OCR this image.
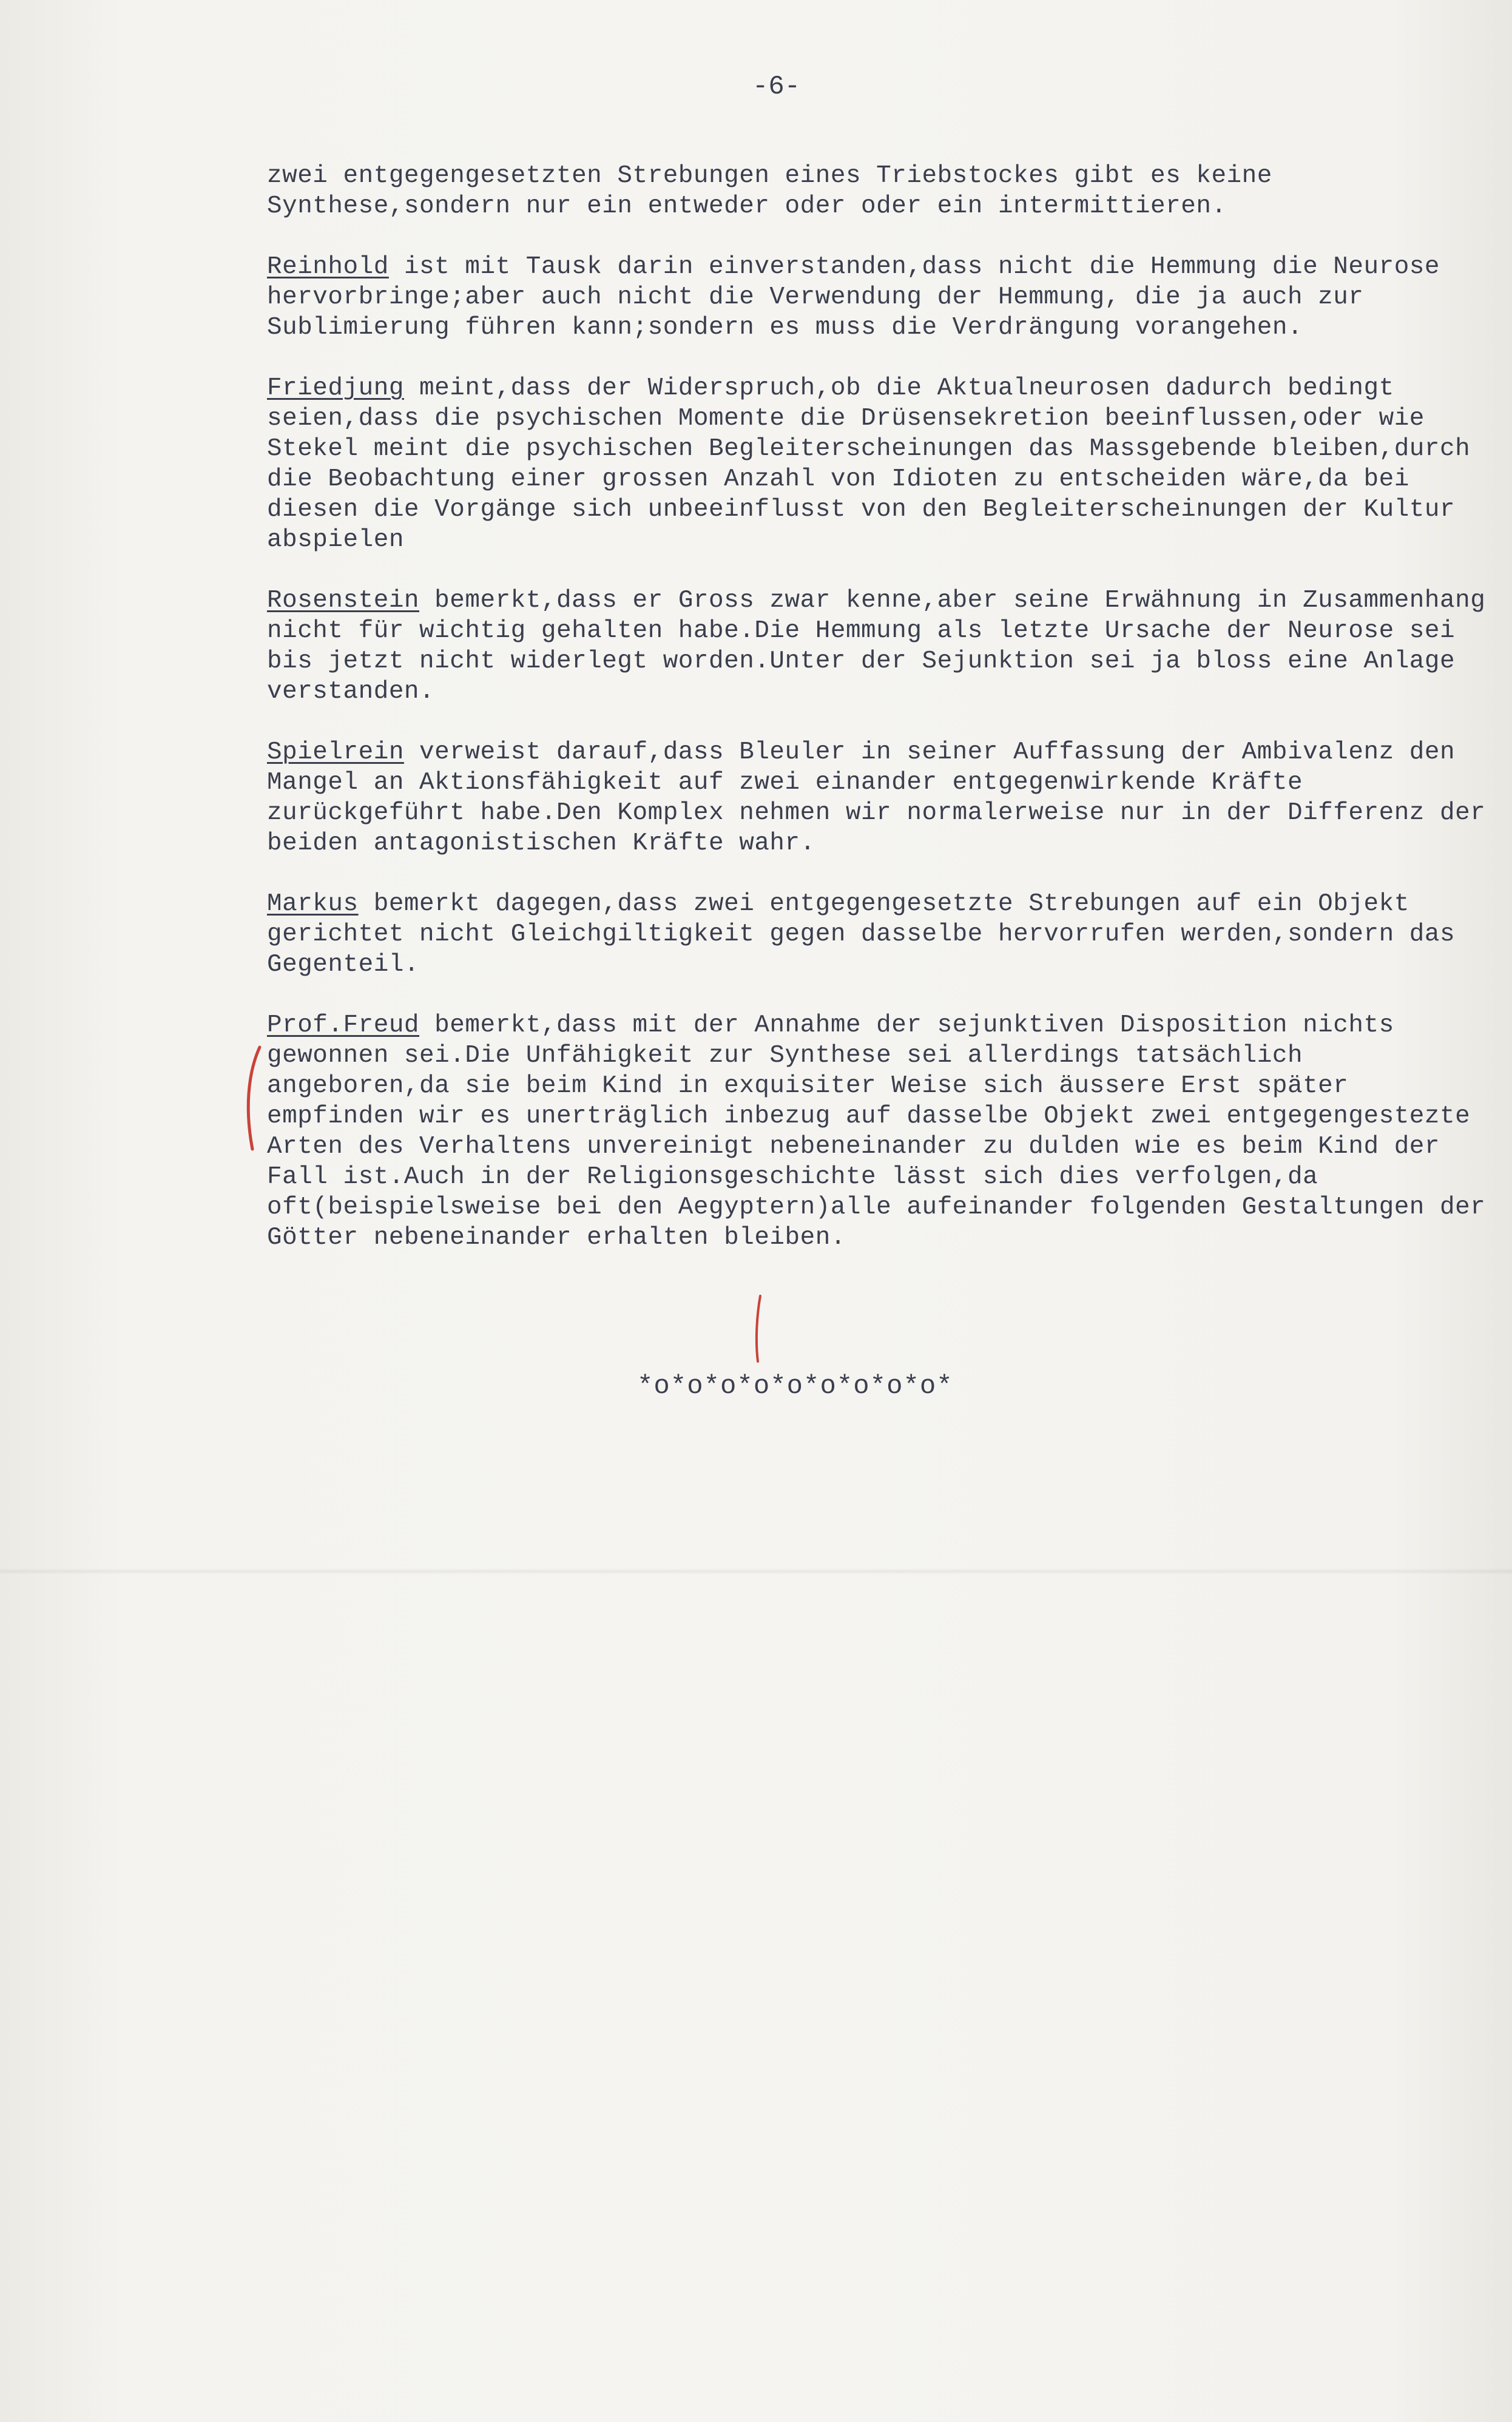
-6-

zwei entgegengesetzten Strebungen eines Triebstockes gibt es keine Synthese,sondern nur ein entweder oder oder ein intermittieren.

Reinhold ist mit Tausk darin einverstanden,dass nicht die Hemmung die Neurose hervorbringe;aber auch nicht die Verwendung der Hemmung, die ja auch zur Sublimierung führen kann;sondern es muss die Verdrängung vorangehen.

Friedjung meint,dass der Widerspruch,ob die Aktualneurosen dadurch bedingt seien,dass die psychischen Momente die Drüsensekretion beeinflussen,oder wie Stekel meint die psychischen Begleiterscheinungen das Massgebende bleiben,durch die Beobachtung einer grossen Anzahl von Idioten zu entscheiden wäre,da bei diesen die Vorgänge sich unbeeinflusst von den Begleiterscheinungen der Kultur abspielen

Rosenstein bemerkt,dass er Gross zwar kenne,aber seine Erwähnung in Zusammenhang nicht für wichtig gehalten habe.Die Hemmung als letzte Ursache der Neurose sei bis jetzt nicht widerlegt worden.Unter der Sejunktion sei ja bloss eine Anlage verstanden.

Spielrein verweist darauf,dass Bleuler in seiner Auffassung der Ambivalenz den Mangel an Aktionsfähigkeit auf zwei einander entgegenwirkende Kräfte zurückgeführt habe.Den Komplex nehmen wir normalerweise nur in der Differenz der beiden antagonistischen Kräfte wahr.

Markus bemerkt dagegen,dass zwei entgegengesetzte Strebungen auf ein Objekt gerichtet nicht Gleichgiltigkeit gegen dasselbe hervorrufen werden,sondern das Gegenteil.

Prof.Freud bemerkt,dass mit der Annahme der sejunktiven Disposition nichts gewonnen sei.Die Unfähigkeit zur Synthese sei allerdings tatsächlich angeboren,da sie beim Kind in exquisiter Weise sich äussere Erst später empfinden wir es unerträglich inbezug auf dasselbe Objekt zwei entgegengestezte Arten des Verhaltens unvereinigt nebeneinander zu dulden wie es beim Kind der Fall ist.Auch in der Religionsgeschichte lässt sich dies verfolgen,da oft(beispielsweise bei den Aegyptern)alle aufeinander folgenden Gestaltungen der Götter nebeneinander erhalten bleiben.

*o*o*o*o*o*o*o*o*o*
